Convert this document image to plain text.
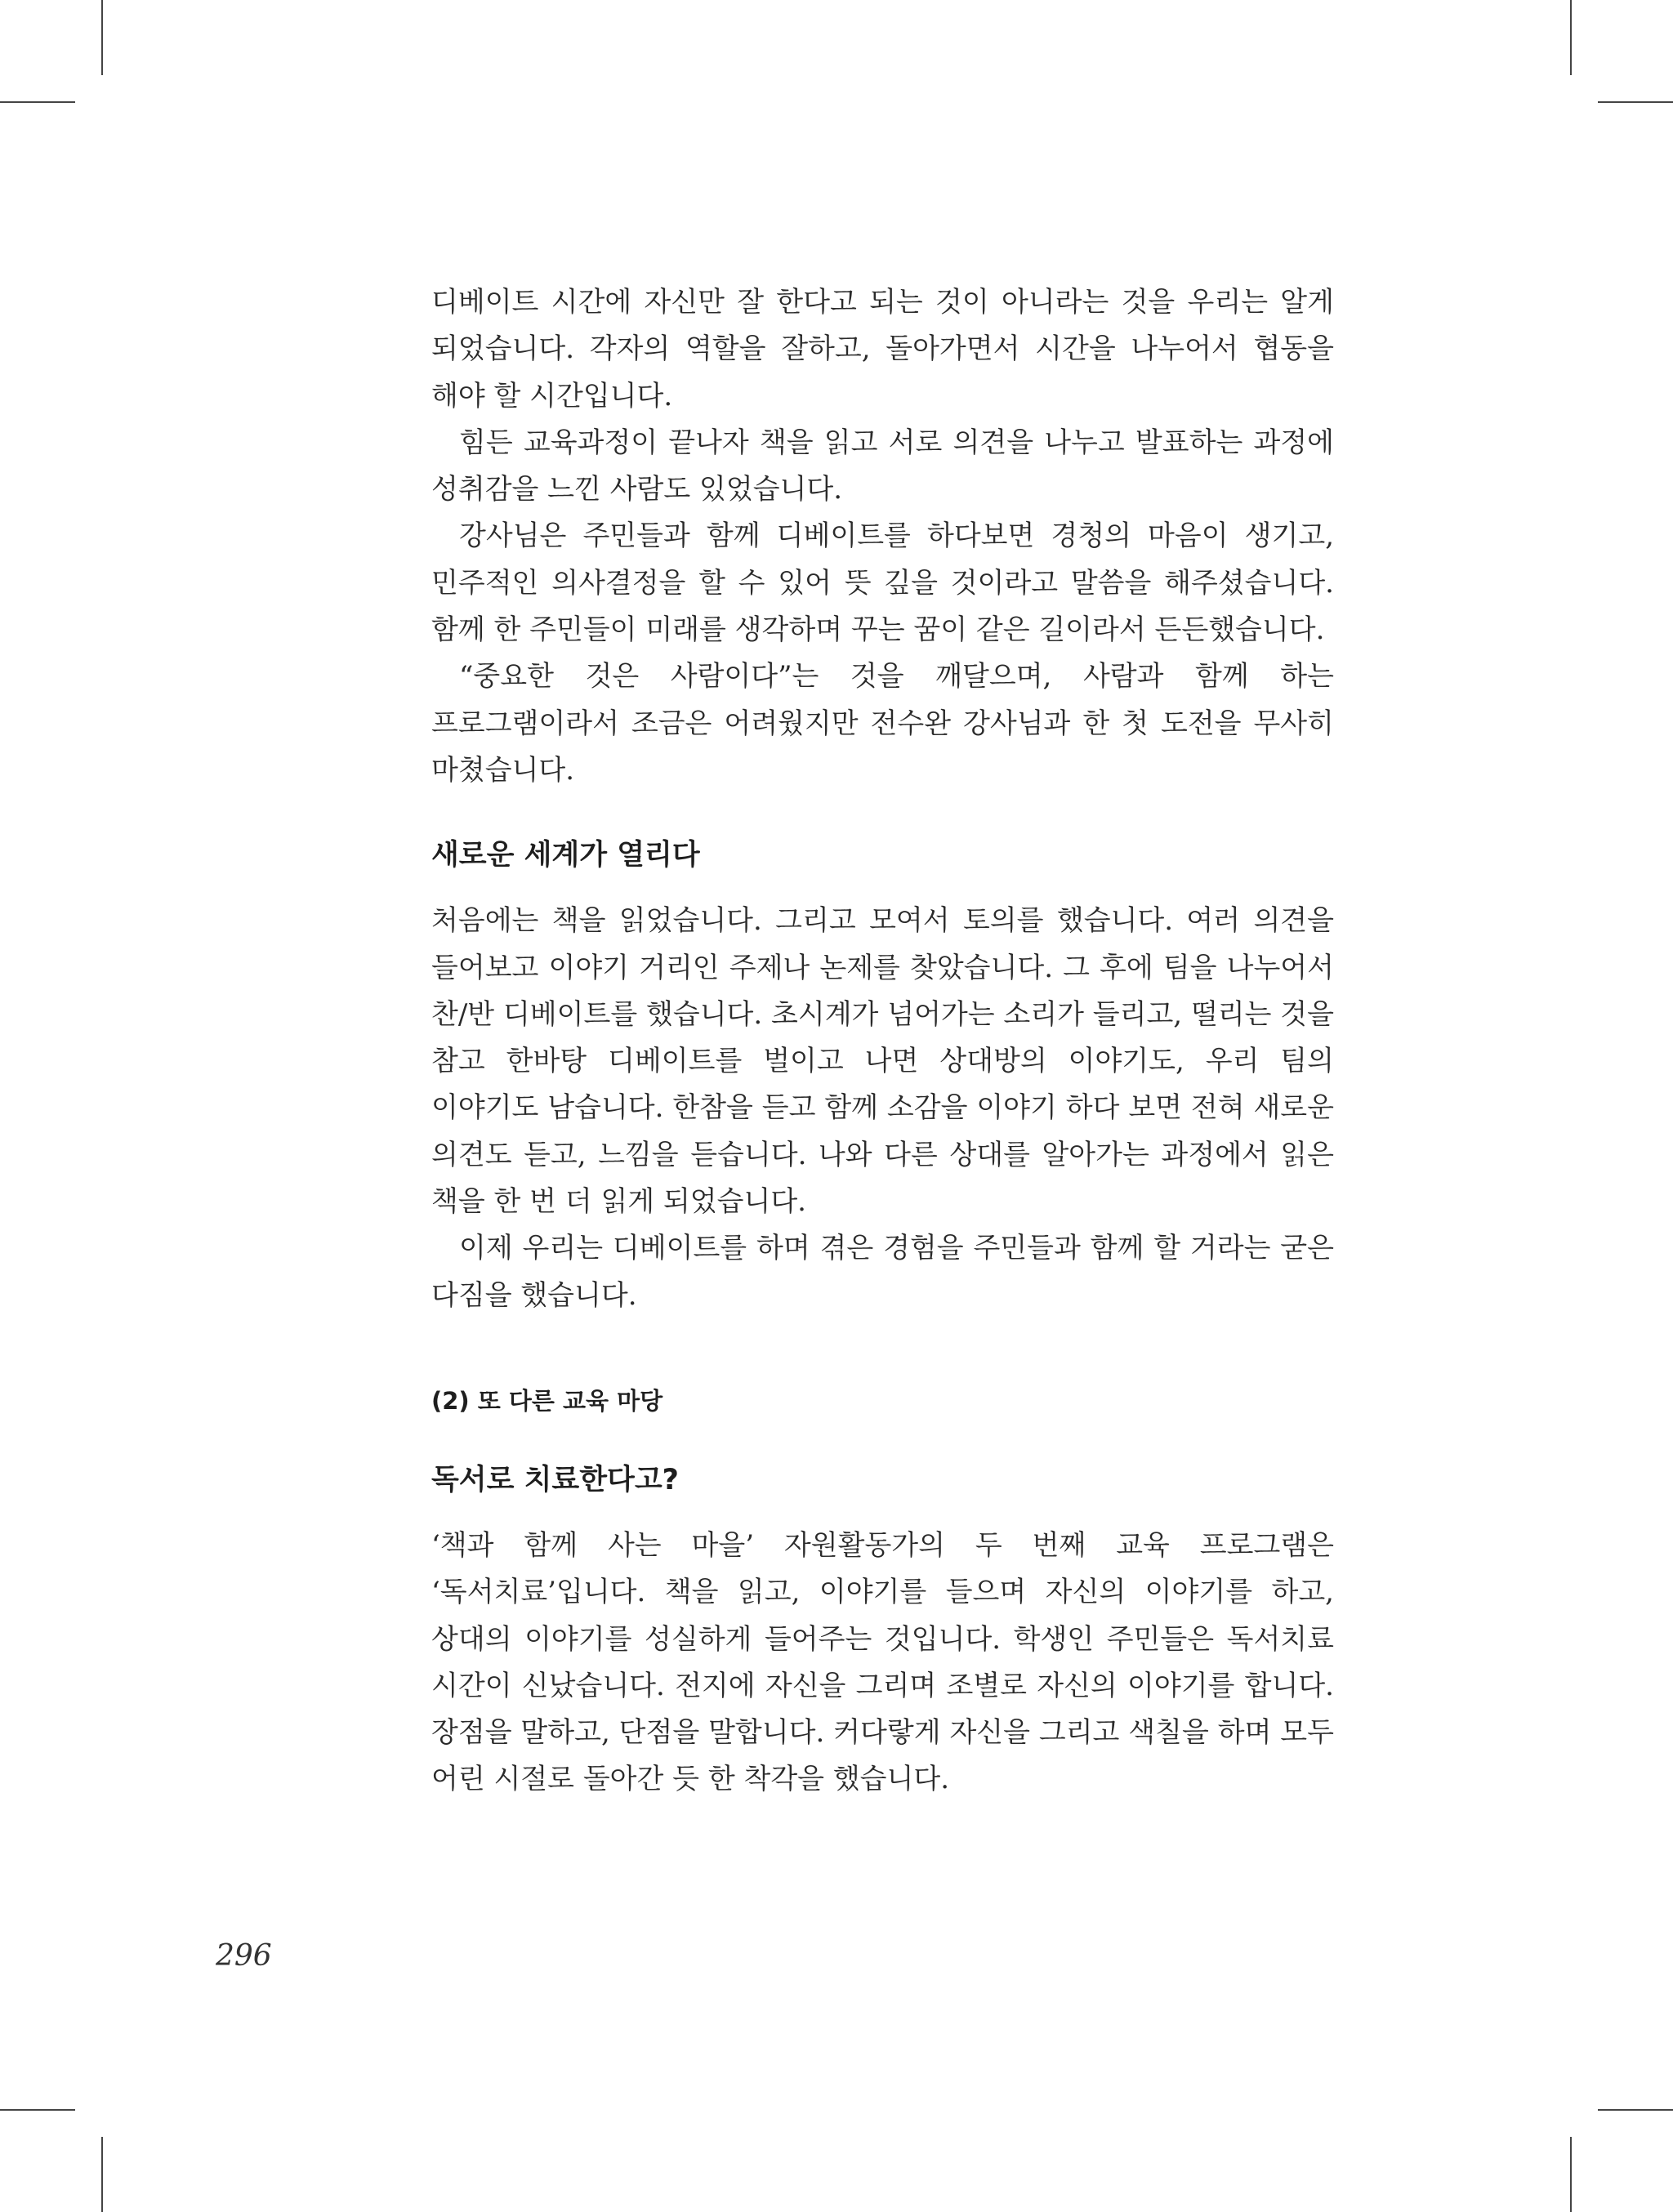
디베이트 시간에 자신만 잘 한다고 되는 것이 아니라는 것을 우리는 알게 되었습니다. 각자의 역할을 잘하고, 돌아가면서 시간을 나누어서 협동을 해야 할 시간입니다.

힘든 교육과정이 끝나자 책을 읽고 서로 의견을 나누고 발표하는 과정에 성취감을 느낀 사람도 있었습니다.

강사님은 주민들과 함께 디베이트를 하다보면 경청의 마음이 생기고, 민주적인 의사결정을 할 수 있어 뜻 깊을 것이라고 말씀을 해주셨습니다. 함께 한 주민들이 미래를 생각하며 꾸는 꿈이 같은 길이라서 든든했습니다.

“중요한 것은 사람이다”는 것을 깨달으며, 사람과 함께 하는 프로그램이라서 조금은 어려웠지만 전수완 강사님과 한 첫 도전을 무사히 마쳤습니다.

새로운 세계가 열리다

처음에는 책을 읽었습니다. 그리고 모여서 토의를 했습니다. 여러 의견을 들어보고 이야기 거리인 주제나 논제를 찾았습니다. 그 후에 팀을 나누어서 찬/반 디베이트를 했습니다. 초시계가 넘어가는 소리가 들리고, 떨리는 것을 참고 한바탕 디베이트를 벌이고 나면 상대방의 이야기도, 우리 팀의 이야기도 남습니다. 한참을 듣고 함께 소감을 이야기 하다 보면 전혀 새로운 의견도 듣고, 느낌을 듣습니다. 나와 다른 상대를 알아가는 과정에서 읽은 책을 한 번 더 읽게 되었습니다.

이제 우리는 디베이트를 하며 겪은 경험을 주민들과 함께 할 거라는 굳은 다짐을 했습니다.

(2) 또 다른 교육 마당
독서로 치료한다고?

‘책과 함께 사는 마을’ 자원활동가의 두 번째 교육 프로그램은 ‘독서치료’입니다. 책을 읽고, 이야기를 들으며 자신의 이야기를 하고, 상대의 이야기를 성실하게 들어주는 것입니다. 학생인 주민들은 독서치료 시간이 신났습니다. 전지에 자신을 그리며 조별로 자신의 이야기를 합니다. 장점을 말하고, 단점을 말합니다. 커다랗게 자신을 그리고 색칠을 하며 모두 어린 시절로 돌아간 듯 한 착각을 했습니다.

296
